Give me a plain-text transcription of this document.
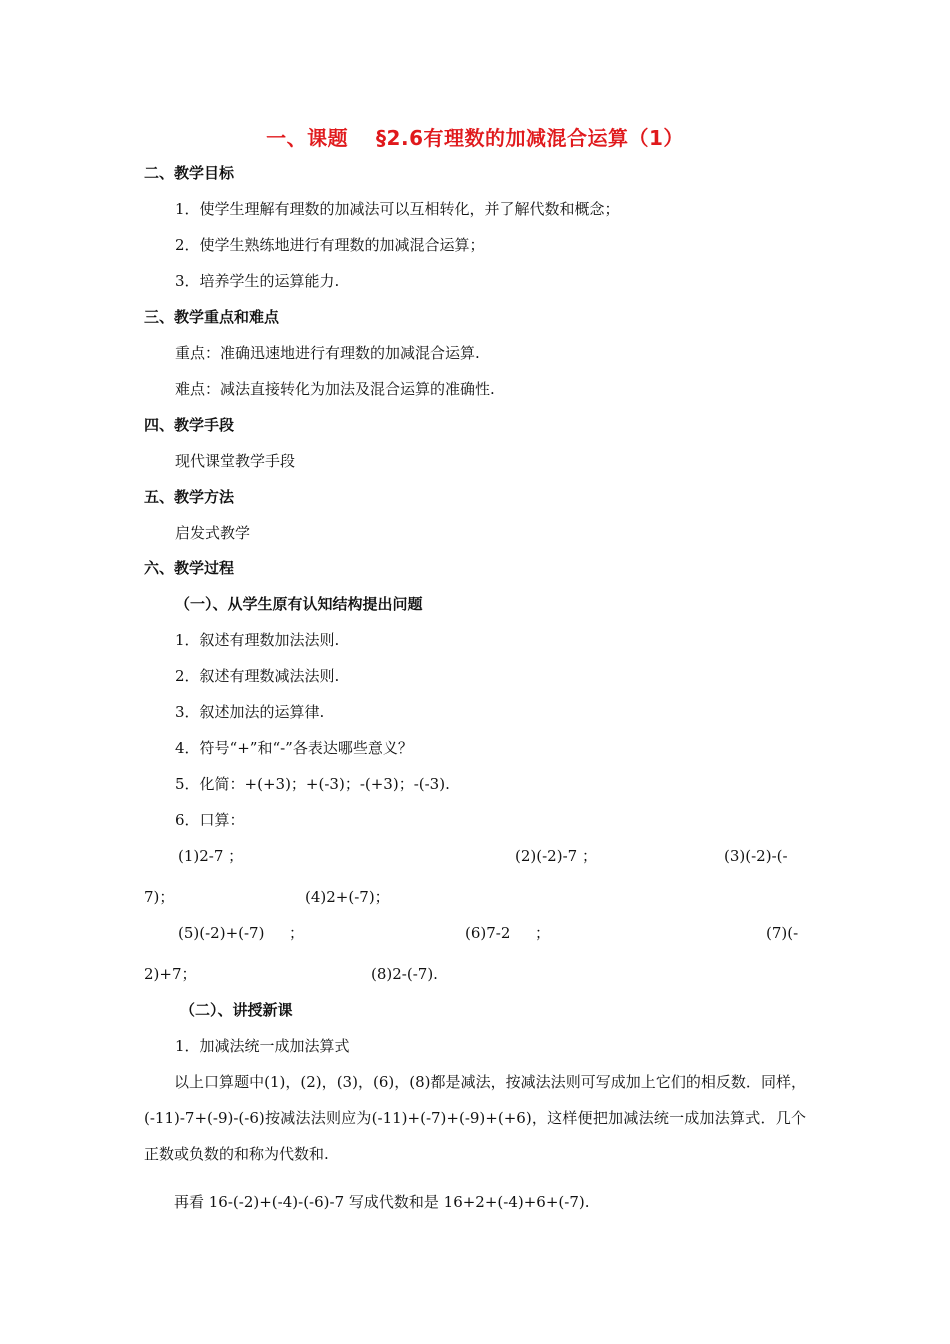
一、课题　 §2.6有理数的加减混合运算（1）
二、教学目标
1．使学生理解有理数的加减法可以互相转化，并了解代数和概念；
2．使学生熟练地进行有理数的加减混合运算；
3．培养学生的运算能力.
三、教学重点和难点
重点：准确迅速地进行有理数的加减混合运算.
难点：减法直接转化为加法及混合运算的准确性.
四、教学手段
现代课堂教学手段
五、教学方法
启发式教学
六、教学过程
（一）、从学生原有认知结构提出问题
1．叙述有理数加法法则.
2．叙述有理数减法法则.
3．叙述加法的运算律.
4．符号“+”和“-”各表达哪些意义？
5．化简：+(+3)；+(-3)；-(+3)；-(-3).
6．口算：
(1)2-7 ；	(2)(-2)-7 ；	(3)(-2)-(-
7)；	(4)2+(-7)；
(5)(-2)+(-7) 　 ；	(6)7-2 　 ；	(7)(-
2)+7；	(8)2-(-7).
（二）、讲授新课
1．加减法统一成加法算式
以上口算题中(1)，(2)，(3)，(6)，(8)都是减法，按减法法则可写成加上它们的相反数．同样，(-11)-7+(-9)-(-6)按减法法则应为(-11)+(-7)+(-9)+(+6)，这样便把加减法统一成加法算式．几个正数或负数的和称为代数和.
再看 16-(-2)+(-4)-(-6)-7 写成代数和是 16+2+(-4)+6+(-7).
